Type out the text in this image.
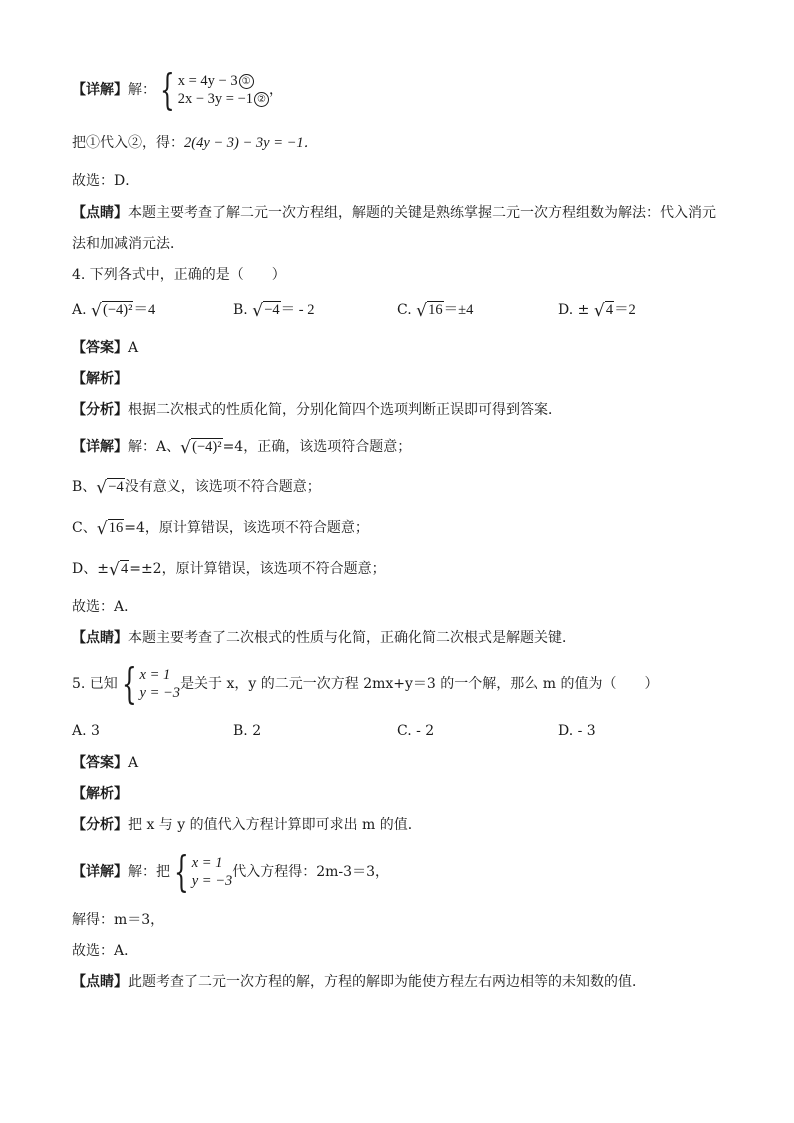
【详解】解：{ x = 4y − 3 ①
2x − 3y = −1 ②，
把①代入②，得：2(4y − 3) − 3y = −1．
故选：D．
【点睛】本题主要考查了解二元一次方程组，解题的关键是熟练掌握二元一次方程组数为解法：代入消元
法和加减消元法．
4. 下列各式中，正确的是（　　）
A. √ (−4)²＝4	B. √ −4＝ - 2	C. √ 16＝±4	D. ± √ 4＝2
【答案】A
【解析】
【分析】根据二次根式的性质化简，分别化简四个选项判断正误即可得到答案．
【详解】解：A、 √ (−4)²=4，正确，该选项符合题意；
B、 √ −4没有意义，该选项不符合题意；
C、 √ 16=4，原计算错误，该选项不符合题意；
D、± √ 4=±2，原计算错误，该选项不符合题意；
故选：A．
【点睛】本题主要考查了二次根式的性质与化简，正确化简二次根式是解题关键．
5. 已知{ x = 1
y = −3是关于 x，y 的二元一次方程 2mx+y＝3 的一个解，那么 m 的值为（　　）
A. 3	B. 2	C. - 2	D. - 3
【答案】A
【解析】
【分析】把 x 与 y 的值代入方程计算即可求出 m 的值．
【详解】解：把{ x = 1
y = −3代入方程得：2m-3＝3，
解得：m＝3，
故选：A．
【点睛】此题考查了二元一次方程的解，方程的解即为能使方程左右两边相等的未知数的值．
